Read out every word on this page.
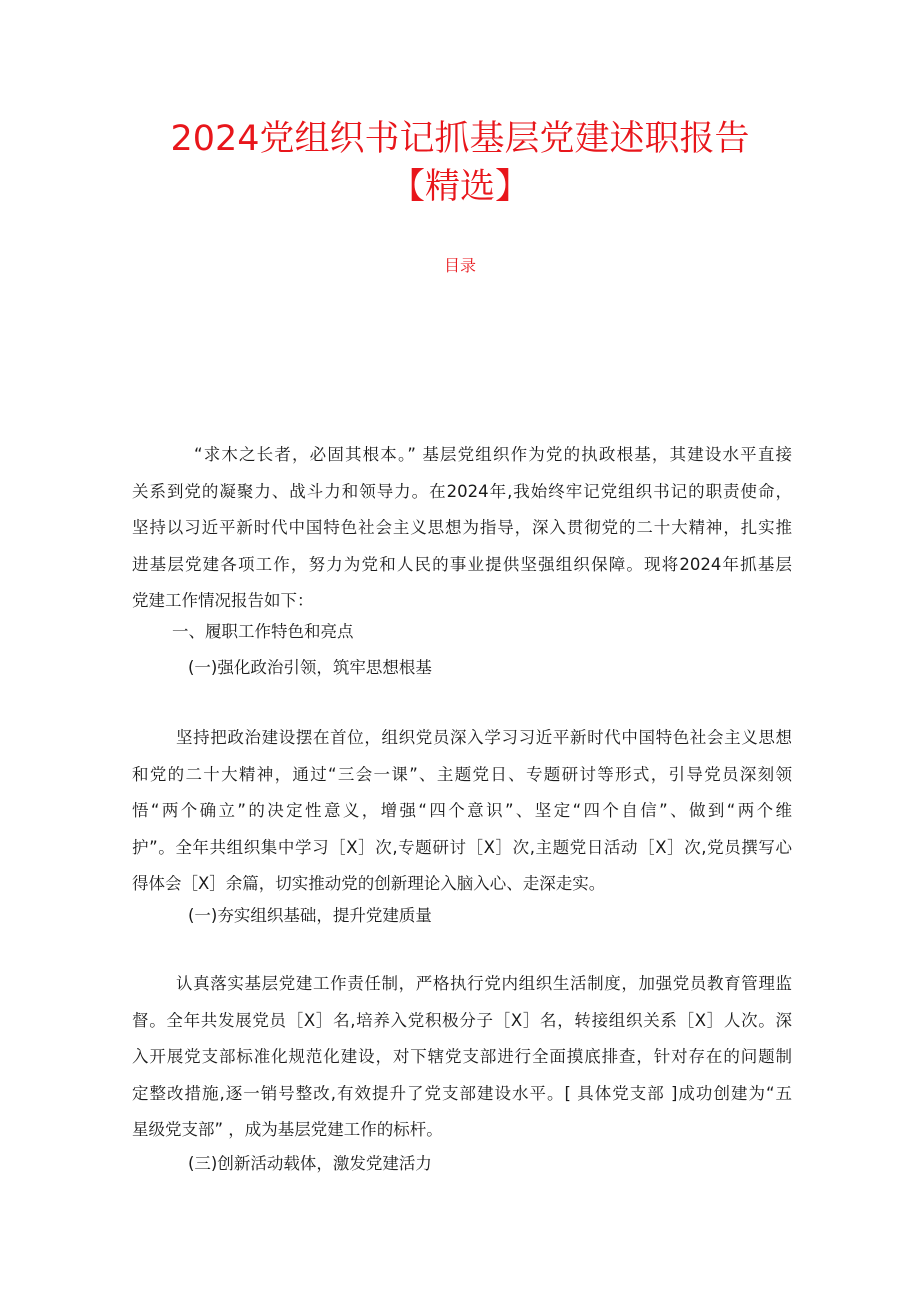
2024党组织书记抓基层党建述职报告
【精选】
目录
“求木之长者，必固其根本。” 基层党组织作为党的执政根基，其建设水平直接
关系到党的凝聚力、战斗力和领导力。在2024年,我始终牢记党组织书记的职责使命，
坚持以习近平新时代中国特色社会主义思想为指导，深入贯彻党的二十大精神，扎实推
进基层党建各项工作，努力为党和人民的事业提供坚强组织保障。现将2024年抓基层
党建工作情况报告如下：
一、履职工作特色和亮点
(一)强化政治引领，筑牢思想根基
坚持把政治建设摆在首位，组织党员深入学习习近平新时代中国特色社会主义思想
和党的二十大精神，通过“三会一课”、主题党日、专题研讨等形式，引导党员深刻领
悟“两个确立”的决定性意义，增强“四个意识”、坚定“四个自信”、做到“两个维
护”。全年共组织集中学习［X］次,专题研讨［X］次,主题党日活动［X］次,党员撰写心
得体会［X］余篇，切实推动党的创新理论入脑入心、走深走实。
(一)夯实组织基础，提升党建质量
认真落实基层党建工作责任制，严格执行党内组织生活制度，加强党员教育管理监
督。全年共发展党员［X］名,培养入党积极分子［X］名，转接组织关系［X］人次。深
入开展党支部标准化规范化建设，对下辖党支部进行全面摸底排查，针对存在的问题制
定整改措施,逐一销号整改,有效提升了党支部建设水平。[ 具体党支部 ]成功创建为“五
星级党支部” ，成为基层党建工作的标杆。
(三)创新活动载体，激发党建活力
